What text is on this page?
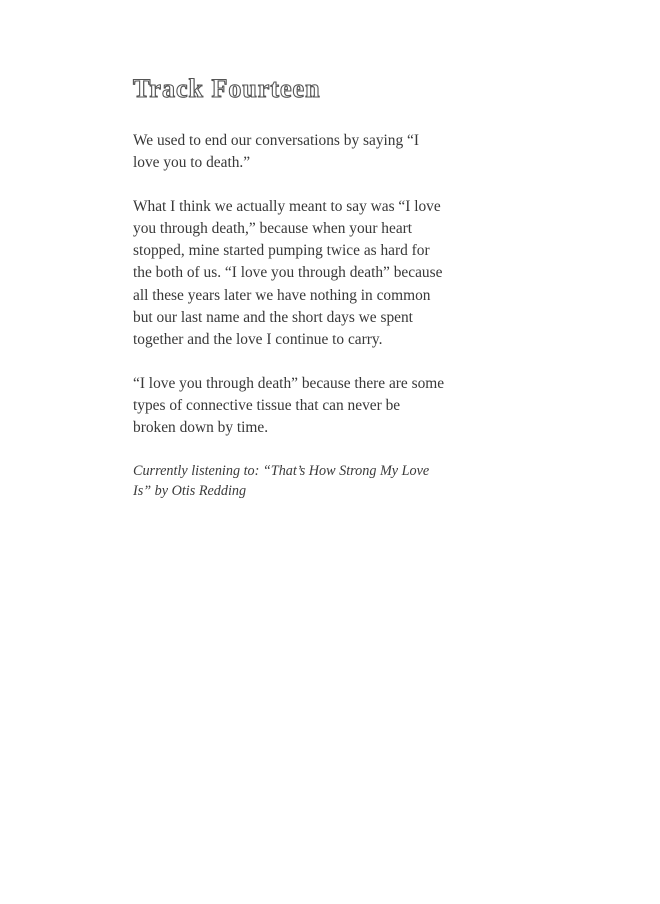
Track Fourteen

We used to end our conversations by saying “I love you to death.”

What I think we actually meant to say was “I love you through death,” because when your heart stopped, mine started pumping twice as hard for the both of us. “I love you through death” because all these years later we have nothing in common but our last name and the short days we spent together and the love I continue to carry.

“I love you through death” because there are some types of connective tissue that can never be broken down by time.

Currently listening to: “That’s How Strong My Love Is” by Otis Redding
